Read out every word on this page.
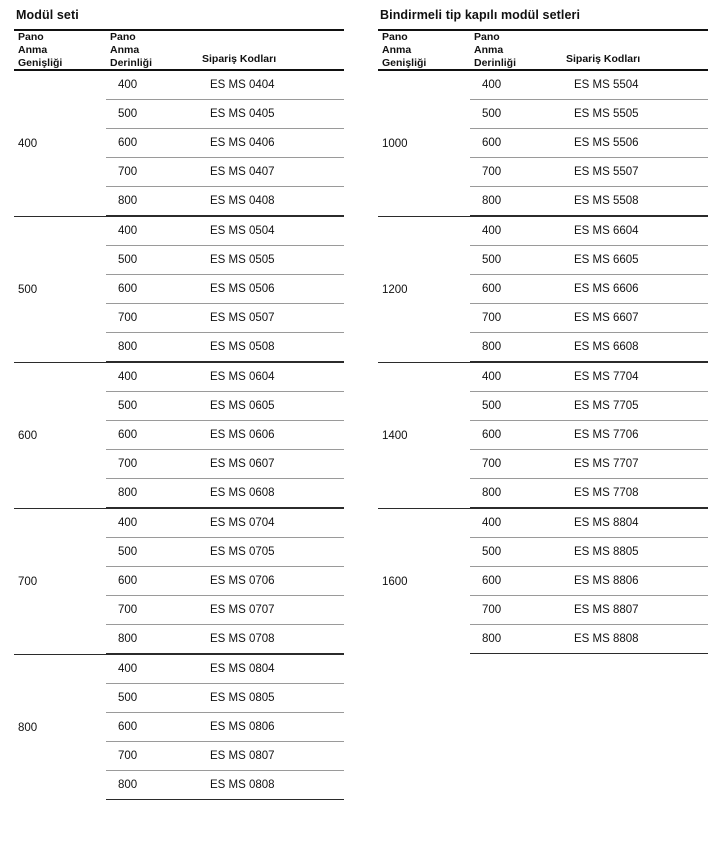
Modül seti
Pano
Anma
Genişliği	Pano
Anma
Derinliği	Sipariş Kodları

400	400	ES MS 0404
	500	ES MS 0405
	600	ES MS 0406
	700	ES MS 0407
	800	ES MS 0408

500	400	ES MS 0504
	500	ES MS 0505
	600	ES MS 0506
	700	ES MS 0507
	800	ES MS 0508

600	400	ES MS 0604
	500	ES MS 0605
	600	ES MS 0606
	700	ES MS 0607
	800	ES MS 0608

700	400	ES MS 0704
	500	ES MS 0705
	600	ES MS 0706
	700	ES MS 0707
	800	ES MS 0708

800	400	ES MS 0804
	500	ES MS 0805
	600	ES MS 0806
	700	ES MS 0807
	800	ES MS 0808
Bindirmeli tip kapılı modül setleri
Pano
Anma
Genişliği	Pano
Anma
Derinliği	Sipariş Kodları

1000	400	ES MS 5504
	500	ES MS 5505
	600	ES MS 5506
	700	ES MS 5507
	800	ES MS 5508

1200	400	ES MS 6604
	500	ES MS 6605
	600	ES MS 6606
	700	ES MS 6607
	800	ES MS 6608

1400	400	ES MS 7704
	500	ES MS 7705
	600	ES MS 7706
	700	ES MS 7707
	800	ES MS 7708

1600	400	ES MS 8804
	500	ES MS 8805
	600	ES MS 8806
	700	ES MS 8807
	800	ES MS 8808
